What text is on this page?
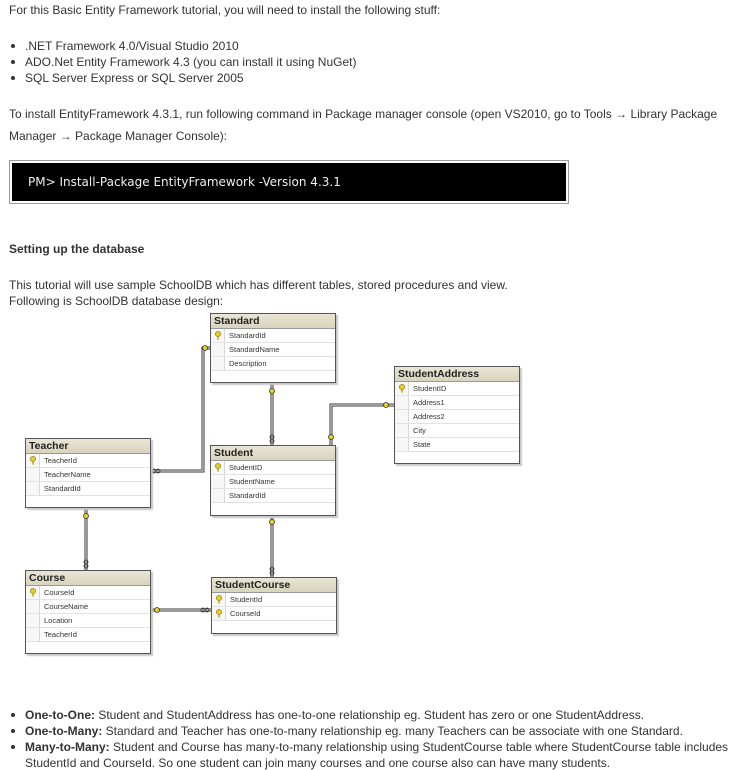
For this Basic Entity Framework tutorial, you will need to install the following stuff:
.NET Framework 4.0/Visual Studio 2010
ADO.Net Entity Framework 4.3 (you can install it using NuGet)
SQL Server Express or SQL Server 2005
To install EntityFramework 4.3.1, run following command in Package manager console (open VS2010, go to Tools → Library Package
Manager → Package Manager Console):
PM> Install-Package EntityFramework -Version 4.3.1
Setting up the database
This tutorial will use sample SchoolDB which has different tables, stored procedures and view.
Following is SchoolDB database design:
Standard
StandardId
StandardName
Description
StudentAddress
StudentID
Address1
Address2
City
State
Teacher
TeacherId
TeacherName
StandardId
Student
StudentID
StudentName
StandardId
Course
CourseId
CourseName
Location
TeacherId
StudentCourse
StudentId
CourseId
One-to-One: Student and StudentAddress has one-to-one relationship eg. Student has zero or one StudentAddress.
One-to-Many: Standard and Teacher has one-to-many relationship eg. many Teachers can be associate with one Standard.
Many-to-Many: Student and Course has many-to-many relationship using StudentCourse table where StudentCourse table includes
StudentId and CourseId. So one student can join many courses and one course also can have many students.
